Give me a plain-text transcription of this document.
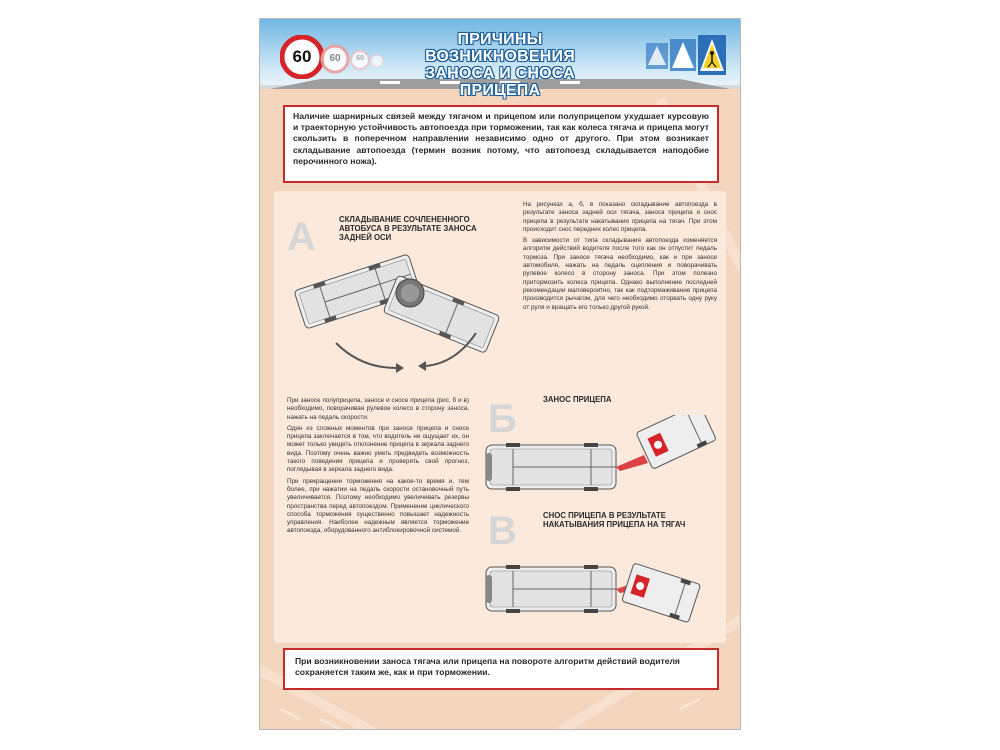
60	60	60
ПРИЧИНЫ ВОЗНИКНОВЕНИЯ
ЗАНОСА И СНОСА ПРИЦЕПА
Наличие шарнирных связей между тягачом и прицепом или полуприцепом ухудшает курсовую и траекторную устойчивость автопоезда при торможении, так как колеса тягача и прицепа могут скользить в поперечном направлении независимо одно от другого. При этом возникает складывание автопоезда (термин возник потому, что автопоезд складывается наподобие перочинного ножа).
А	СКЛАДЫВАНИЕ СОЧЛЕНЕННОГО АВТОБУСА В РЕЗУЛЬТАТЕ ЗАНОСА ЗАДНЕЙ ОСИ

На рисунках а, б, в показано складывание автопоезда в результате заноса задней оси тягача, заноса прицепа и снос прицепа в результате накатывания прицепа на тягач. При этом происходит снос передних колес прицепа.

В зависимости от типа складывания автопоезда изменяется алгоритм действий водителя после того как он отпустит педаль тормоза. При заносе тягача необходимо, как и при заносе автомобиля, нажать на педаль сцепления и поворачивать рулевое колесо в сторону заноса. При этом полезно притормозить колеса прицепа. Однако выполнение последней рекомендации маловероятно, так как подтормаживание прицепа производится рычагом, для чего необходимо оторвать одну руку от руля и вращать его только другой рукой.

При заносе полуприцепа, заносе и сносе прицепа (рис. б и в) необходимо, поворачивая рулевое колесо в сторону заноса, нажать на педаль скорости.

Один из сложных моментов при заносе прицепа и сносе прицепа заключается в том, что водитель не ощущает их, он может только увидеть отклонение прицепа в зеркала заднего вида. Поэтому очень важно уметь предвидеть возможность такого поведения прицепа и проверять свой прогноз, поглядывая в зеркала заднего вида.

При прекращении торможения на какое-то время и, тем более, при нажатии на педаль скорости остановочный путь увеличивается. Поэтому необходимо увеличивать резервы пространства перед автопоездом. Применение циклического способа торможения существенно повышает надежность управления. Наиболее надежным является торможение автопоезда, оборудованного антиблокировочной системой.

Б	ЗАНОС ПРИЦЕПА
В	СНОС ПРИЦЕПА В РЕЗУЛЬТАТЕ НАКАТЫВАНИЯ ПРИЦЕПА НА ТЯГАЧ
При возникновении заноса тягача или прицепа на повороте алгоритм действий водителя сохраняется таким же, как и при торможении.
